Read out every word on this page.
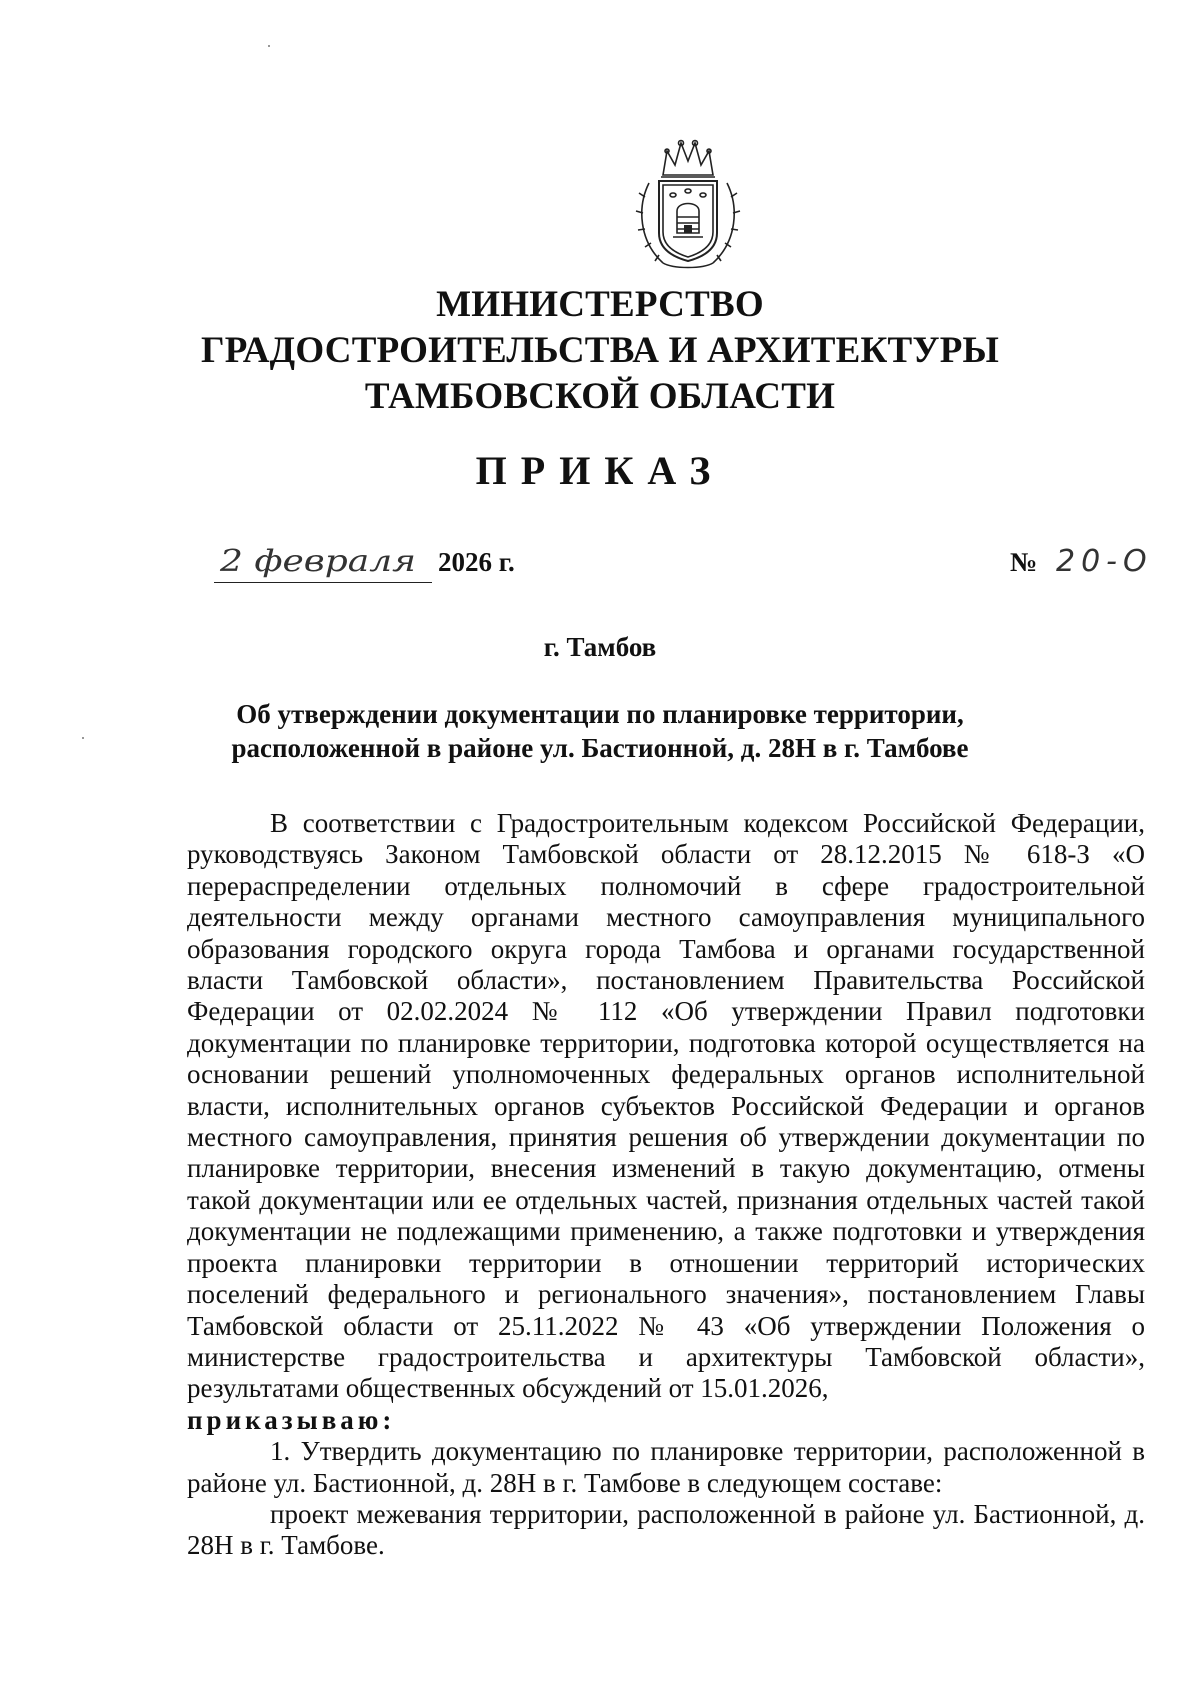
МИНИСТЕРСТВО
ГРАДОСТРОИТЕЛЬСТВА И АРХИТЕКТУРЫ
ТАМБОВСКОЙ ОБЛАСТИ
ПРИКАЗ
2 февраля 2026 г.	№ 20-О
г. Тамбов
Об утверждении документации по планировке территории,
расположенной в районе ул. Бастионной, д. 28Н в г. Тамбове

В соответствии с Градостроительным кодексом Российской Федерации, руководствуясь Законом Тамбовской области от 28.12.2015 № 618-З «О перераспределении отдельных полномочий в сфере градостроительной деятельности между органами местного самоуправления муниципального образования городского округа города Тамбова и органами государственной власти Тамбовской области», постановлением Правительства Российской Федерации от 02.02.2024 № 112 «Об утверждении Правил подготовки документации по планировке территории, подготовка которой осуществляется на основании решений уполномоченных федеральных органов исполнительной власти, исполнительных органов субъектов Российской Федерации и органов местного самоуправления, принятия решения об утверждении документации по планировке территории, внесения изменений в такую документацию, отмены такой документации или ее отдельных частей, признания отдельных частей такой документации не подлежащими применению, а также подготовки и утверждения проекта планировки территории в отношении территорий исторических поселений федерального и регионального значения», постановлением Главы Тамбовской области от 25.11.2022 № 43 «Об утверждении Положения о министерстве градостроительства и архитектуры Тамбовской области», результатами общественных обсуждений от 15.01.2026,

приказываю:

1. Утвердить документацию по планировке территории, расположенной в районе ул. Бастионной, д. 28Н в г. Тамбове в следующем составе:

проект межевания территории, расположенной в районе ул. Бастионной, д. 28Н в г. Тамбове.
